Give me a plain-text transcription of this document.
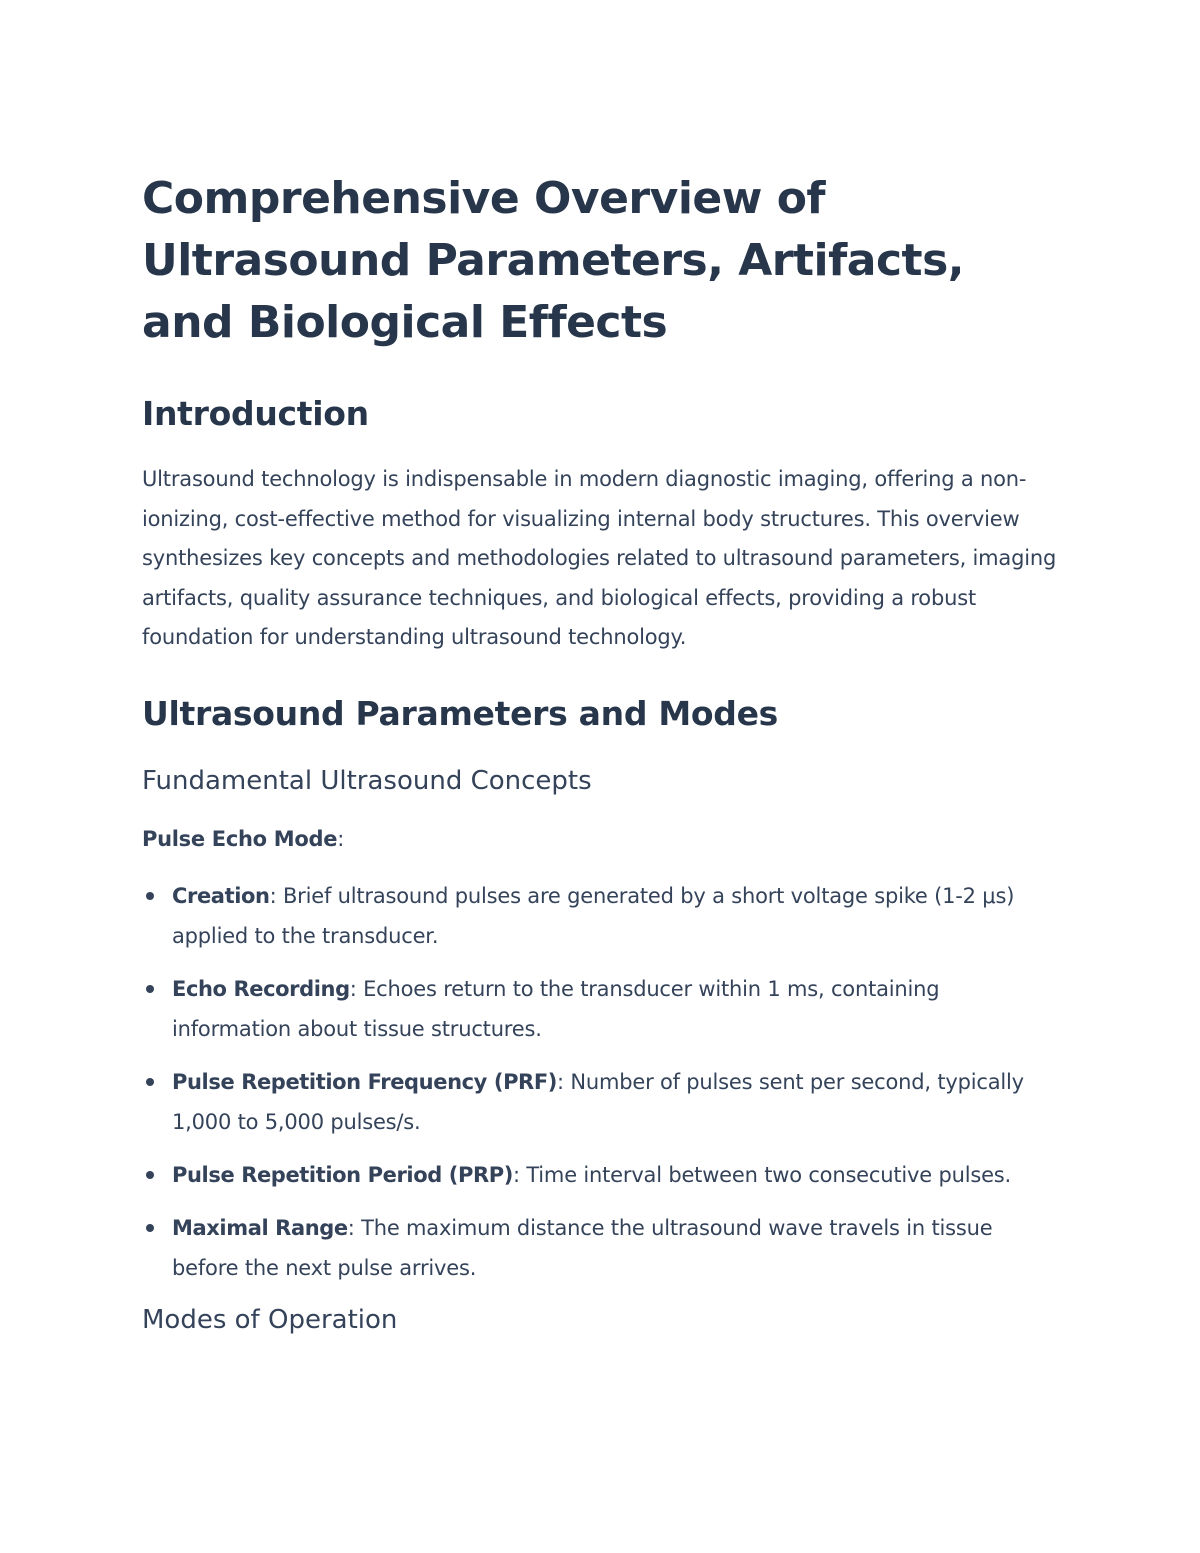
Comprehensive Overview of Ultrasound Parameters, Artifacts, and Biological Effects
Introduction

Ultrasound technology is indispensable in modern diagnostic imaging, offering a non-ionizing, cost-effective method for visualizing internal body structures. This overview synthesizes key concepts and methodologies related to ultrasound parameters, imaging artifacts, quality assurance techniques, and biological effects, providing a robust foundation for understanding ultrasound technology.

Ultrasound Parameters and Modes
Fundamental Ultrasound Concepts

Pulse Echo Mode:

Creation: Brief ultrasound pulses are generated by a short voltage spike (1-2 μs) applied to the transducer.
Echo Recording: Echoes return to the transducer within 1 ms, containing information about tissue structures.
Pulse Repetition Frequency (PRF): Number of pulses sent per second, typically 1,000 to 5,000 pulses/s.
Pulse Repetition Period (PRP): Time interval between two consecutive pulses.
Maximal Range: The maximum distance the ultrasound wave travels in tissue before the next pulse arrives.
Modes of Operation
